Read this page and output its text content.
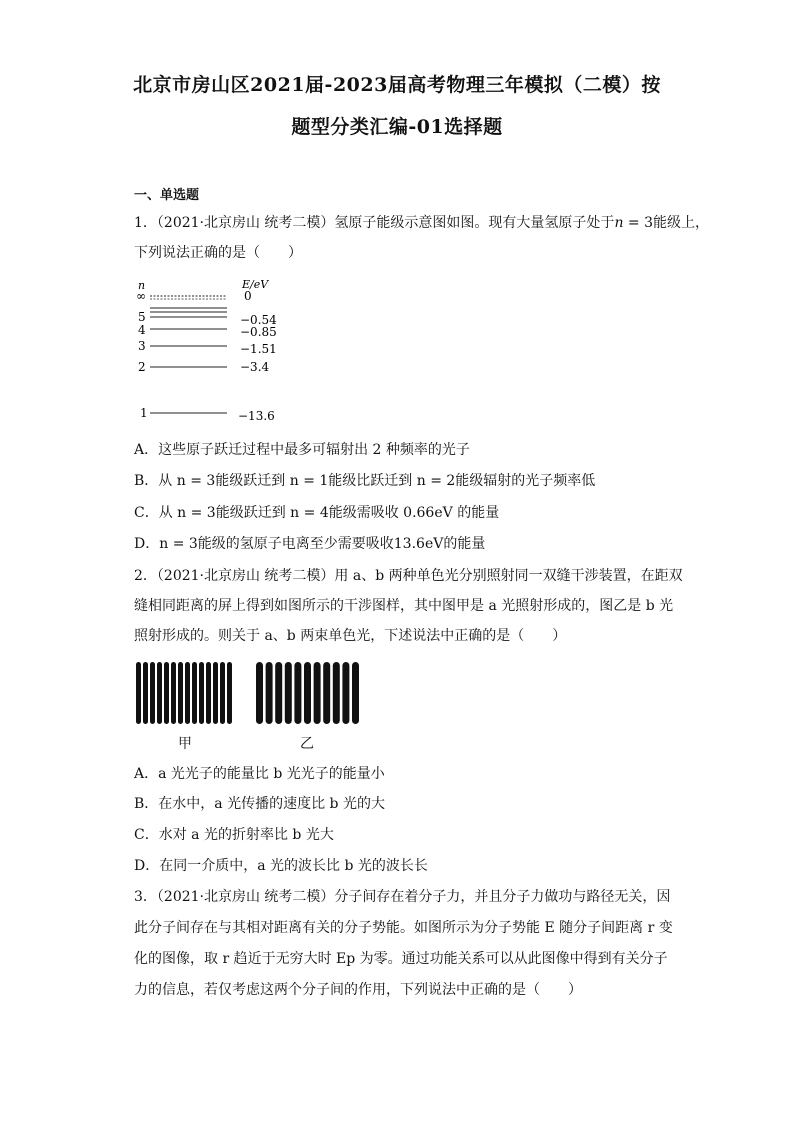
北京市房山区2021届-2023届高考物理三年模拟（二模）按
题型分类汇编-01选择题
一、单选题
1．（2021·北京房山 统考二模）氢原子能级示意图如图。现有大量氢原子处于n = 3能级上，
下列说法正确的是（　　）
n	E/eV
∞	0
5	−0.54
4	−0.85
3	−1.51
2	−3.4
1	−13.6
A．这些原子跃迁过程中最多可辐射出 2 种频率的光子
B．从 n = 3能级跃迁到 n = 1能级比跃迁到 n = 2能级辐射的光子频率低
C．从 n = 3能级跃迁到 n = 4能级需吸收 0.66eV 的能量
D．n = 3能级的氢原子电离至少需要吸收13.6eV的能量
2．（2021·北京房山 统考二模）用 a、b 两种单色光分别照射同一双缝干涉装置，在距双
缝相同距离的屏上得到如图所示的干涉图样，其中图甲是 a 光照射形成的，图乙是 b 光
照射形成的。则关于 a、b 两束单色光，下述说法中正确的是（　　）
甲	乙
A．a 光光子的能量比 b 光光子的能量小
B．在水中，a 光传播的速度比 b 光的大
C．水对 a 光的折射率比 b 光大
D．在同一介质中，a 光的波长比 b 光的波长长
3．（2021·北京房山 统考二模）分子间存在着分子力，并且分子力做功与路径无关，因
此分子间存在与其相对距离有关的分子势能。如图所示为分子势能 E 随分子间距离 r 变
化的图像，取 r 趋近于无穷大时 Ep 为零。通过功能关系可以从此图像中得到有关分子
力的信息，若仅考虑这两个分子间的作用，下列说法中正确的是（　　）
